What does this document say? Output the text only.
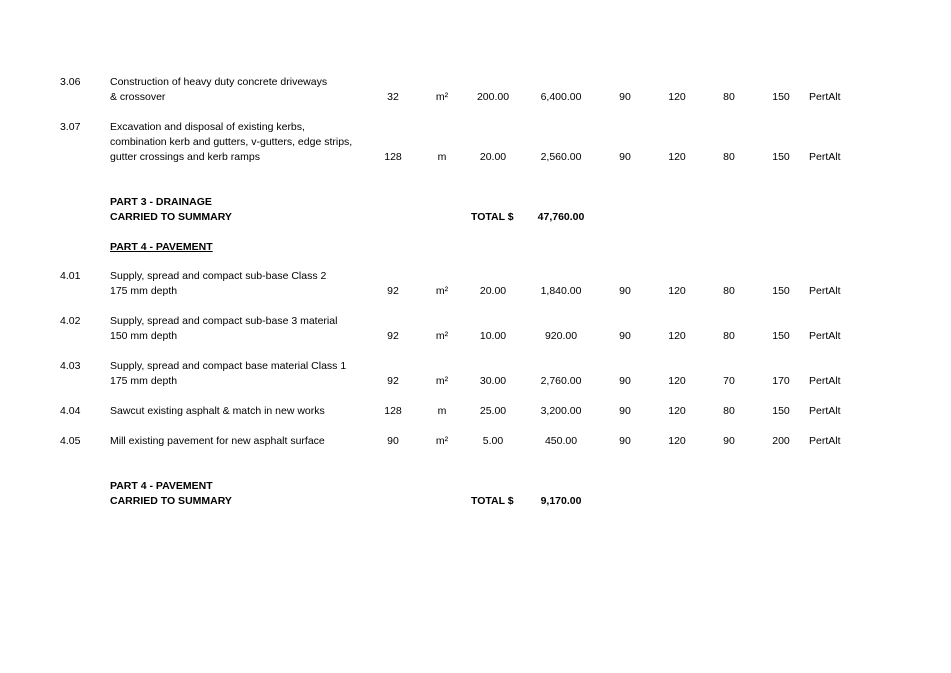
3.06	Construction of heavy duty concrete driveways
& crossover	32	m²	200.00	6,400.00	90	120	80	150	PertAlt
3.07	Excavation and disposal of existing kerbs,
combination kerb and gutters, v-gutters, edge strips,
gutter crossings and kerb ramps	128	m	20.00	2,560.00	90	120	80	150	PertAlt
PART 3 - DRAINAGE
CARRIED TO SUMMARY	TOTAL $	47,760.00
PART 4 - PAVEMENT
4.01	Supply, spread and compact sub-base Class 2
175 mm depth	92	m²	20.00	1,840.00	90	120	80	150	PertAlt
4.02	Supply, spread and compact sub-base 3 material
150 mm depth	92	m²	10.00	920.00	90	120	80	150	PertAlt
4.03	Supply, spread and compact base material Class 1
175 mm depth	92	m²	30.00	2,760.00	90	120	70	170	PertAlt
4.04	Sawcut existing asphalt & match in new works	128	m	25.00	3,200.00	90	120	80	150	PertAlt
4.05	Mill existing pavement for new asphalt surface	90	m²	5.00	450.00	90	120	90	200	PertAlt
PART 4 - PAVEMENT
CARRIED TO SUMMARY	TOTAL $	9,170.00
